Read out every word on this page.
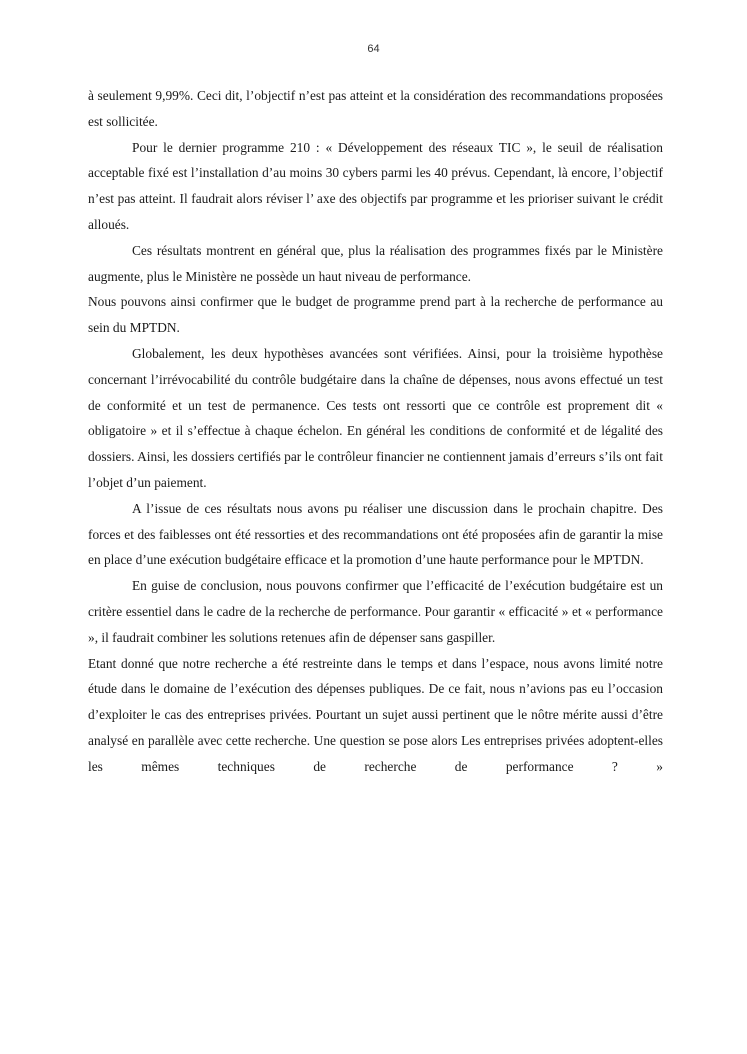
64

à seulement 9,99%. Ceci dit, l’objectif n’est pas atteint et la considération des recommandations proposées est sollicitée.

Pour le dernier programme 210 : « Développement des réseaux TIC », le seuil de réalisation acceptable fixé est l’installation d’au moins 30 cybers parmi les 40 prévus. Cependant, là encore, l’objectif n’est pas atteint. Il faudrait alors réviser l’ axe des objectifs par programme et les prioriser suivant le crédit alloués.

Ces résultats montrent en général que, plus la réalisation des programmes fixés par le Ministère augmente, plus le Ministère ne possède un haut niveau de performance.

Nous pouvons ainsi confirmer que le budget de programme prend part à la recherche de performance au sein du MPTDN.

Globalement, les deux hypothèses avancées sont vérifiées. Ainsi, pour la troisième hypothèse concernant l’irrévocabilité du contrôle budgétaire dans la chaîne de dépenses, nous avons effectué un test de conformité et un test de permanence. Ces tests ont ressorti que ce contrôle est proprement dit « obligatoire » et il s’effectue à chaque échelon. En général les conditions de conformité et de légalité des dossiers. Ainsi, les dossiers certifiés par le contrôleur financier ne contiennent jamais d’erreurs s’ils ont fait l’objet d’un paiement.

A l’issue de ces résultats nous avons pu réaliser une discussion dans le prochain chapitre. Des forces et des faiblesses ont été ressorties et des recommandations ont été proposées afin de garantir la mise en place d’une exécution budgétaire efficace et la promotion d’une haute performance pour le MPTDN.

En guise de conclusion, nous pouvons confirmer que l’efficacité de l’exécution budgétaire est un critère essentiel dans le cadre de la recherche de performance. Pour garantir « efficacité » et « performance », il faudrait combiner les solutions retenues afin de dépenser sans gaspiller.

Etant donné que notre recherche a été restreinte dans le temps et dans l’espace, nous avons limité notre étude dans le domaine de l’exécution des dépenses publiques. De ce fait, nous n’avions pas eu l’occasion d’exploiter le cas des entreprises privées. Pourtant un sujet aussi pertinent que le nôtre mérite aussi d’être analysé en parallèle avec cette recherche. Une question se pose alors Les entreprises privées adoptent-elles les mêmes techniques de recherche de performance ? »
